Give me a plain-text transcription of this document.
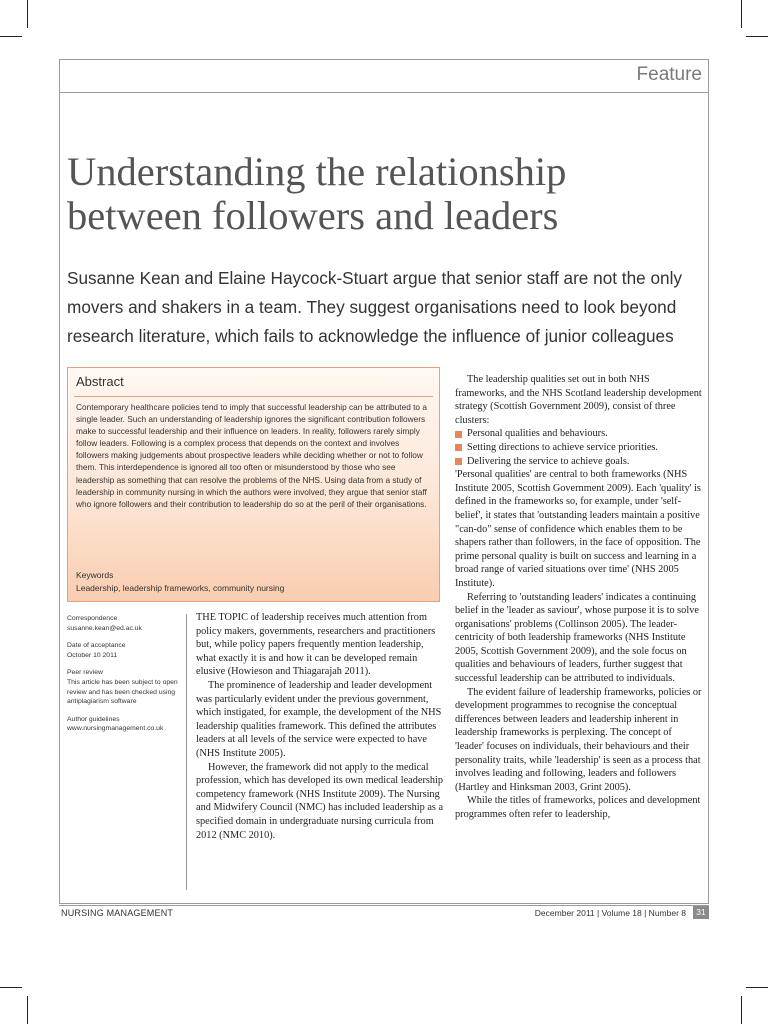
Feature
Understanding the relationship between followers and leaders

Susanne Kean and Elaine Haycock-Stuart argue that senior staff are not the only movers and shakers in a team. They suggest organisations need to look beyond research literature, which fails to acknowledge the influence of junior colleagues

Abstract

Contemporary healthcare policies tend to imply that successful leadership can be attributed to a single leader. Such an understanding of leadership ignores the significant contribution followers make to successful leadership and their influence on leaders. In reality, followers rarely simply follow leaders. Following is a complex process that depends on the context and involves followers making judgements about prospective leaders while deciding whether or not to follow them. This interdependence is ignored all too often or misunderstood by those who see leadership as something that can resolve the problems of the NHS. Using data from a study of leadership in community nursing in which the authors were involved, they argue that senior staff who ignore followers and their contribution to leadership do so at the peril of their organisations.

Keywords
Leadership, leadership frameworks, community nursing
Correspondence
susanne.kean@ed.ac.uk
Date of acceptance
October 10 2011
Peer review
This article has been subject to open review and has been checked using antiplagiarism software
Author guidelines
www.nursingmanagement.co.uk

THE TOPIC of leadership receives much attention from policy makers, governments, researchers and practitioners but, while policy papers frequently mention leadership, what exactly it is and how it can be developed remain elusive (Howieson and Thiagarajah 2011).

The prominence of leadership and leader development was particularly evident under the previous government, which instigated, for example, the development of the NHS leadership qualities framework. This defined the attributes leaders at all levels of the service were expected to have (NHS Institute 2005).

However, the framework did not apply to the medical profession, which has developed its own medical leadership competency framework (NHS Institute 2009). The Nursing and Midwifery Council (NMC) has included leadership as a specified domain in undergraduate nursing curricula from 2012 (NMC 2010).

The leadership qualities set out in both NHS frameworks, and the NHS Scotland leadership development strategy (Scottish Government 2009), consist of three clusters:

Personal qualities and behaviours.
Setting directions to achieve service priorities.
Delivering the service to achieve goals.

'Personal qualities' are central to both frameworks (NHS Institute 2005, Scottish Government 2009). Each 'quality' is defined in the frameworks so, for example, under 'self-belief', it states that 'outstanding leaders maintain a positive "can-do" sense of confidence which enables them to be shapers rather than followers, in the face of opposition. The prime personal quality is built on success and learning in a broad range of varied situations over time' (NHS 2005 Institute).

Referring to 'outstanding leaders' indicates a continuing belief in the 'leader as saviour', whose purpose it is to solve organisations' problems (Collinson 2005). The leader-centricity of both leadership frameworks (NHS Institute 2005, Scottish Government 2009), and the sole focus on qualities and behaviours of leaders, further suggest that successful leadership can be attributed to individuals.

The evident failure of leadership frameworks, policies or development programmes to recognise the conceptual differences between leaders and leadership inherent in leadership frameworks is perplexing. The concept of 'leader' focuses on individuals, their behaviours and their personality traits, while 'leadership' is seen as a process that involves leading and following, leaders and followers (Hartley and Hinksman 2003, Grint 2005).

While the titles of frameworks, polices and development programmes often refer to leadership,

NURSING MANAGEMENT	December 2011 | Volume 18 | Number 8	31
